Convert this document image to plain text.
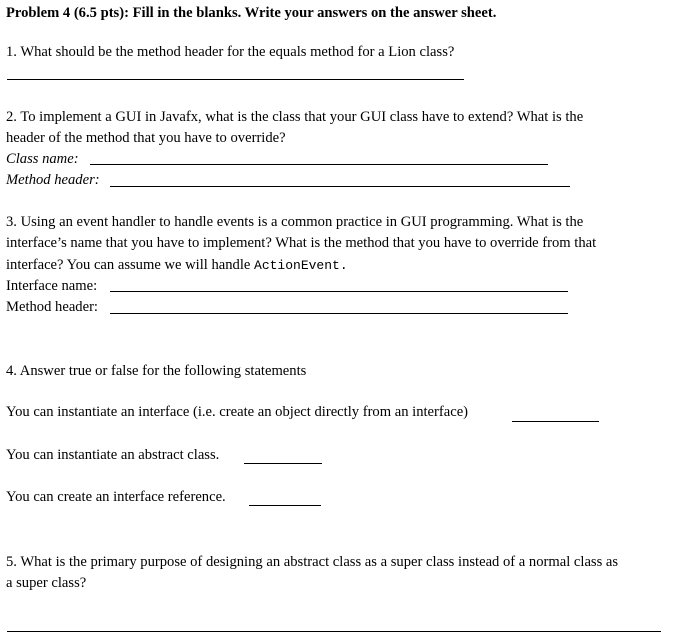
Problem 4 (6.5 pts): Fill in the blanks. Write your answers on the answer sheet.
1. What should be the method header for the equals method for a Lion class?
2. To implement a GUI in Javafx, what is the class that your GUI class have to extend? What is the
header of the method that you have to override?
Class name:
Method header:
3. Using an event handler to handle events is a common practice in GUI programming. What is the
interface’s name that you have to implement? What is the method that you have to override from that
interface? You can assume we will handle ActionEvent.
Interface name:
Method header:
4. Answer true or false for the following statements
You can instantiate an interface (i.e. create an object directly from an interface)
You can instantiate an abstract class.
You can create an interface reference.
5. What is the primary purpose of designing an abstract class as a super class instead of a normal class as
a super class?
